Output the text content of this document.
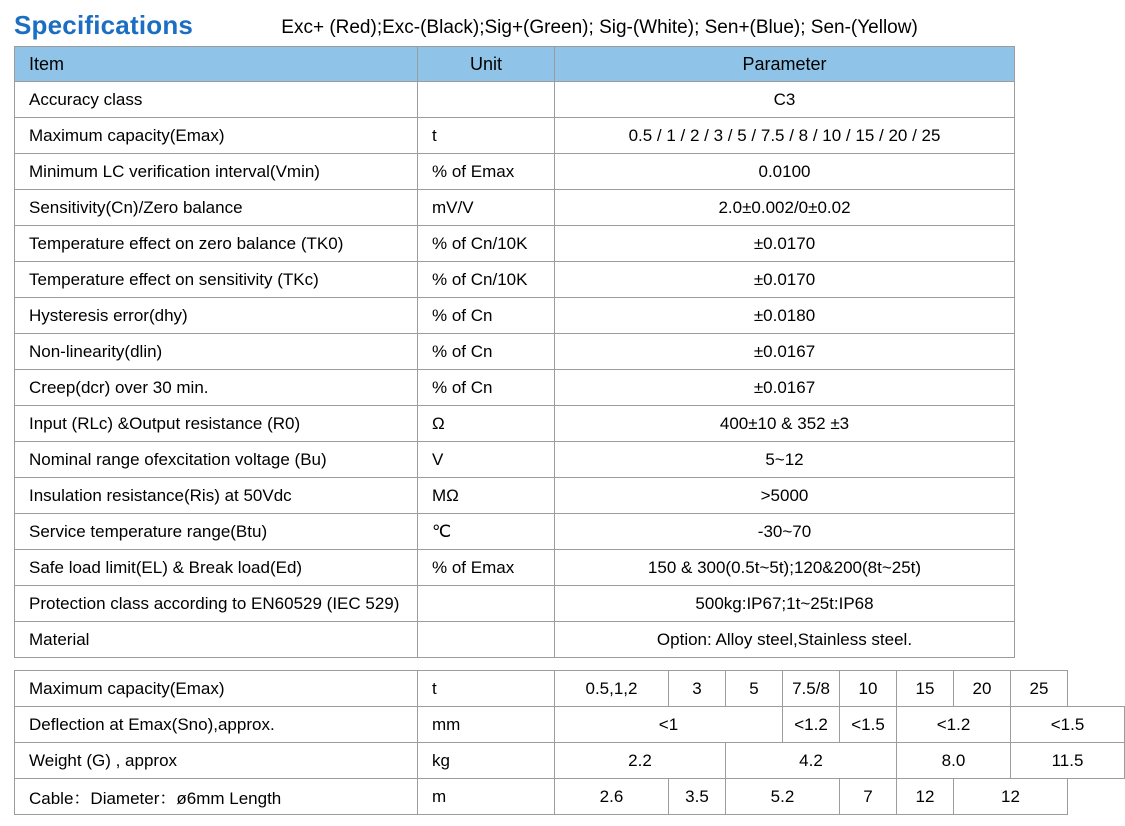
Specifications	Exc+ (Red);Exc-(Black);Sig+(Green); Sig-(White); Sen+(Blue); Sen-(Yellow)
Item	Unit	Parameter
Accuracy class		C3
Maximum capacity(Emax)	t	0.5 / 1 / 2 / 3 / 5 / 7.5 / 8 / 10 / 15 / 20 / 25
Minimum LC verification interval(Vmin)	% of Emax	0.0100
Sensitivity(Cn)/Zero balance	mV/V	2.0±0.002/0±0.02
Temperature effect on zero balance (TK0)	% of Cn/10K	±0.0170
Temperature effect on sensitivity (TKc)	% of Cn/10K	±0.0170
Hysteresis error(dhy)	% of Cn	±0.0180
Non-linearity(dlin)	% of Cn	±0.0167
Creep(dcr) over 30 min.	% of Cn	±0.0167
Input (RLc) &Output resistance (R0)	Ω	400±10 & 352 ±3
Nominal range ofexcitation voltage (Bu)	V	5~12
Insulation resistance(Ris) at 50Vdc	MΩ	>5000
Service temperature range(Btu)	℃	-30~70
Safe load limit(EL) & Break load(Ed)	% of Emax	150 & 300(0.5t~5t);120&200(8t~25t)
Protection class according to EN60529 (IEC 529)		500kg:IP67;1t~25t:IP68
Material		Option: Alloy steel,Stainless steel.
Maximum capacity(Emax)	t	0.5,1,2	3	5	7.5/8	10	15	20	25
Deflection at Emax(Sno),approx.	mm	<1			<1.2	<1.5	<1.2		<1.5
Weight (G) , approx	kg	2.2		4.2			8.0		11.5
Cable：Diameter：ø6mm Length	m	2.6	3.5	5.2		7	12	12	
